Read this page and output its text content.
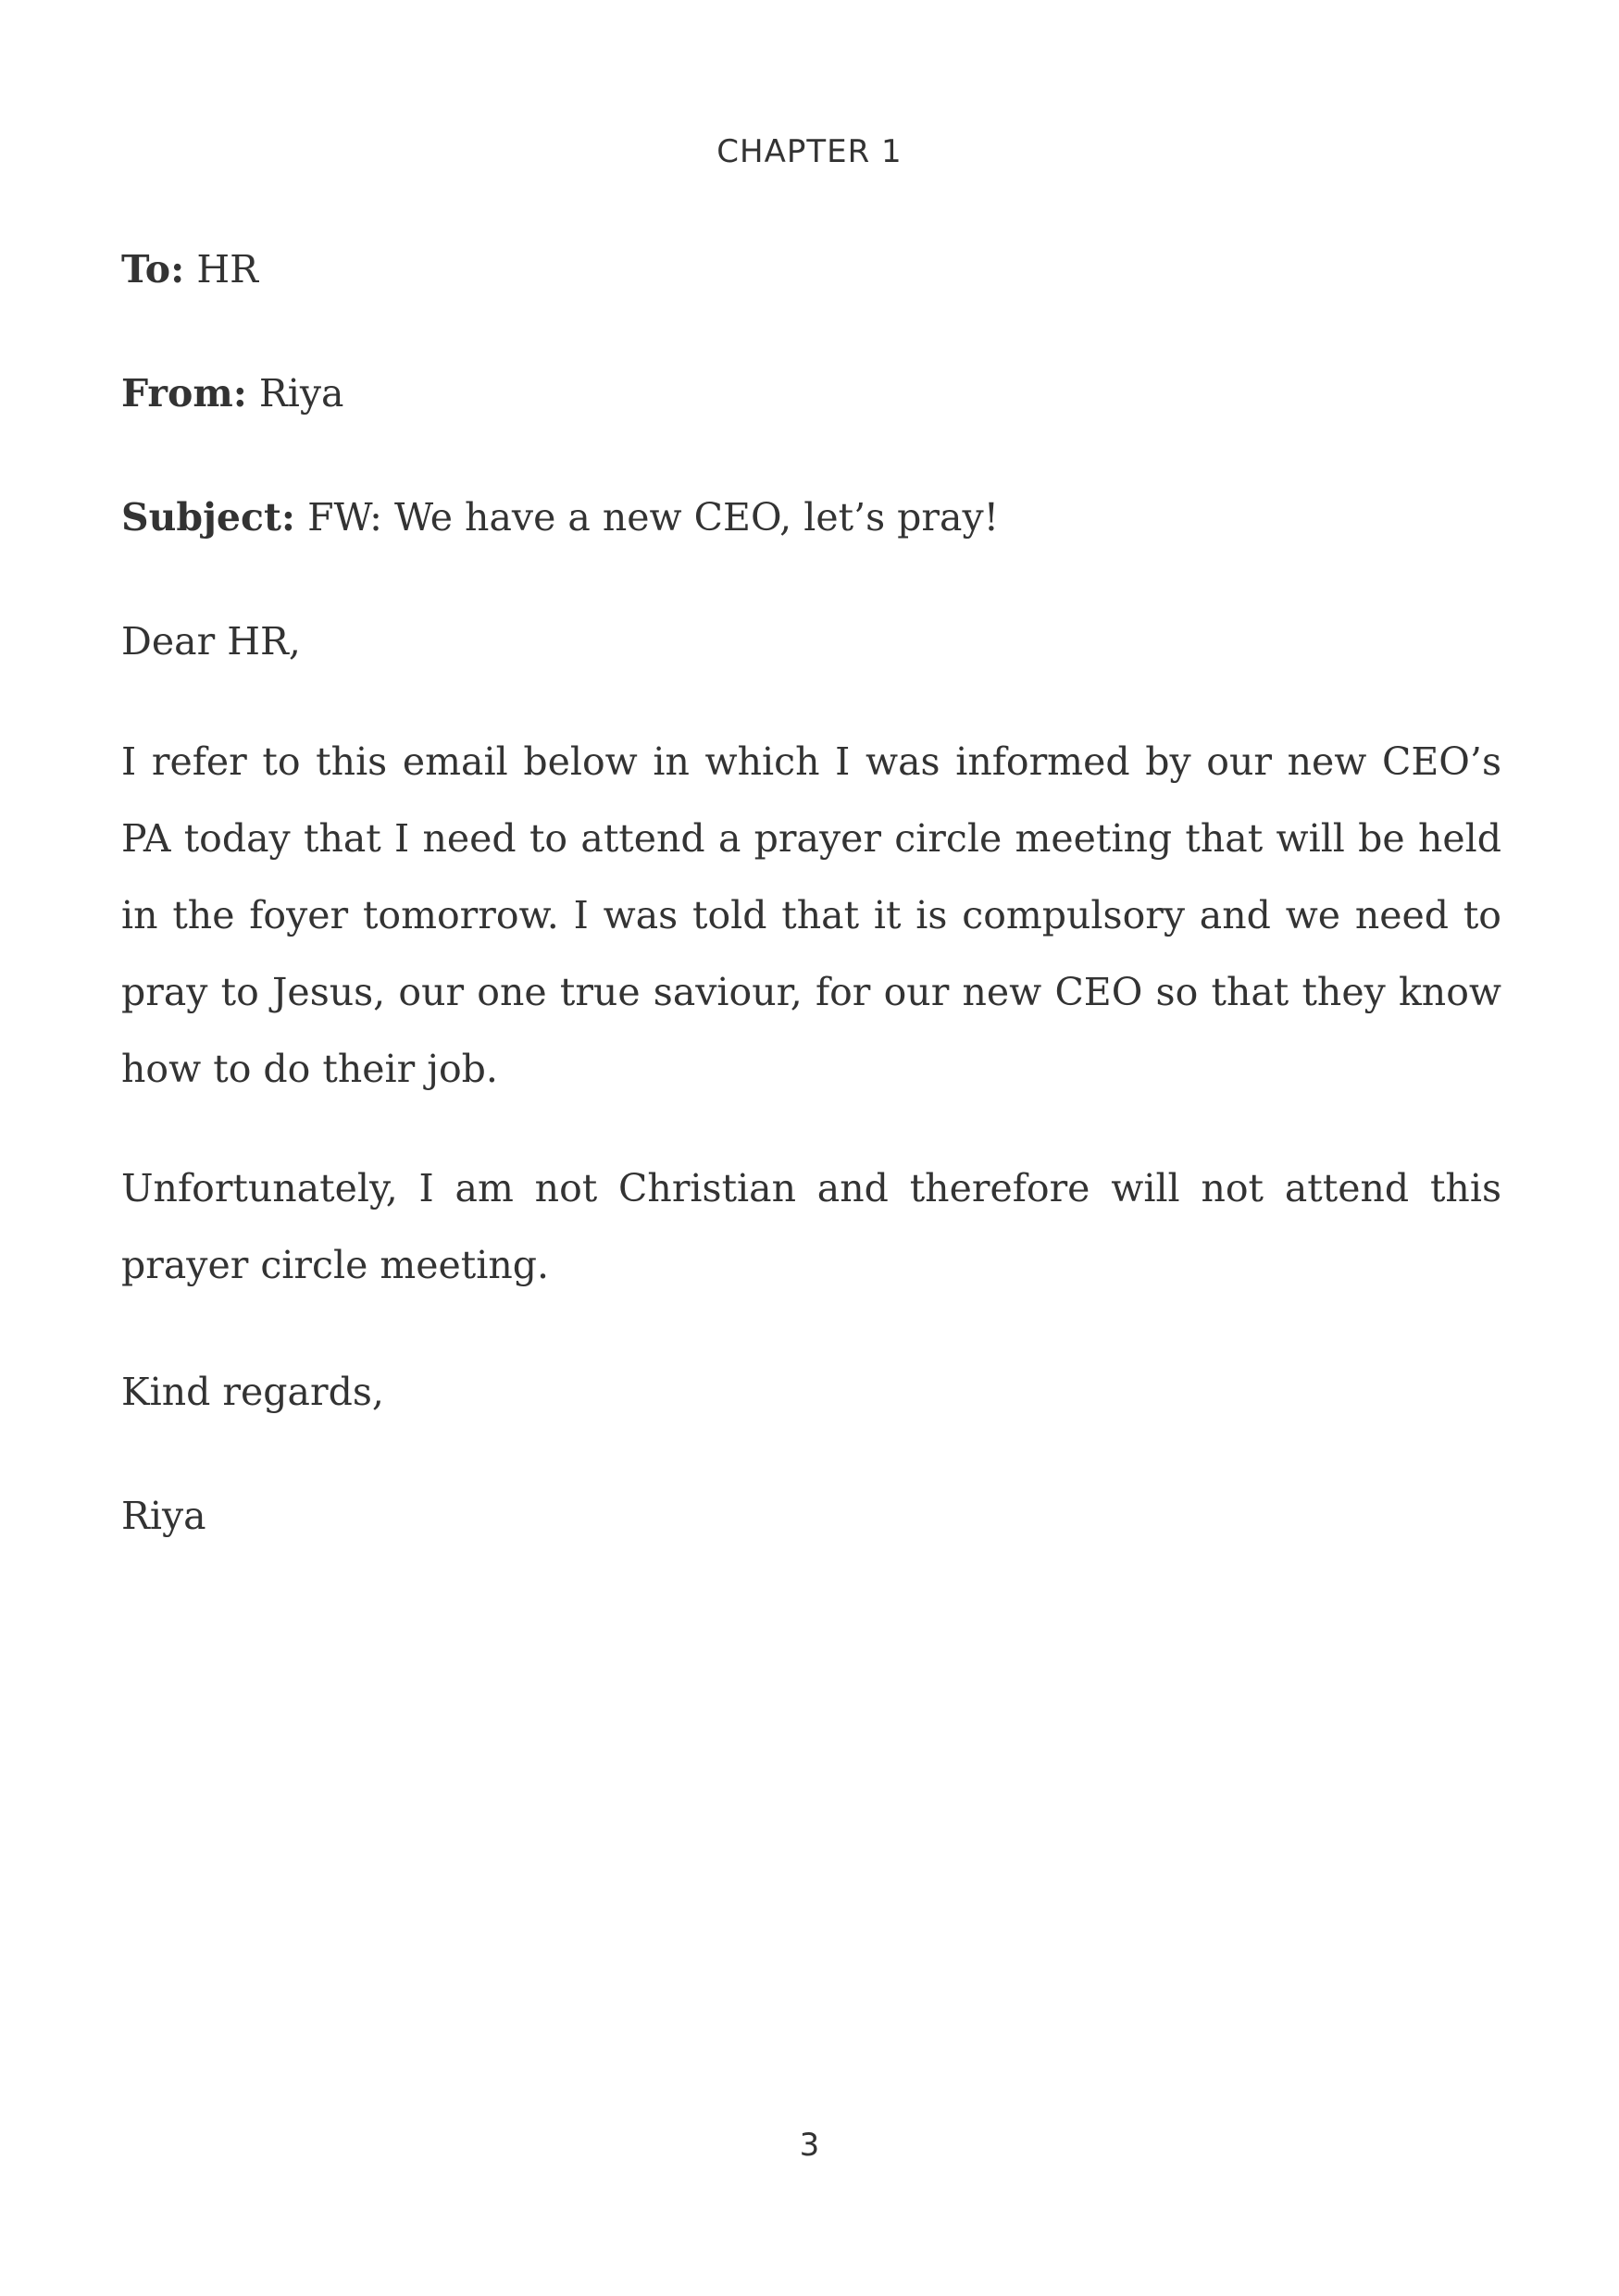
CHAPTER 1
To: HR
From: Riya
Subject: FW: We have a new CEO, let’s pray!
Dear HR,

I refer to this email below in which I was informed by our new CEO’s PA today that I need to attend a prayer circle meeting that will be held in the foyer tomorrow. I was told that it is compulsory and we need to pray to Jesus, our one true saviour, for our new CEO so that they know how to do their job.

Unfortunately, I am not Christian and therefore will not attend this prayer circle meeting.

Kind regards,
Riya
3
